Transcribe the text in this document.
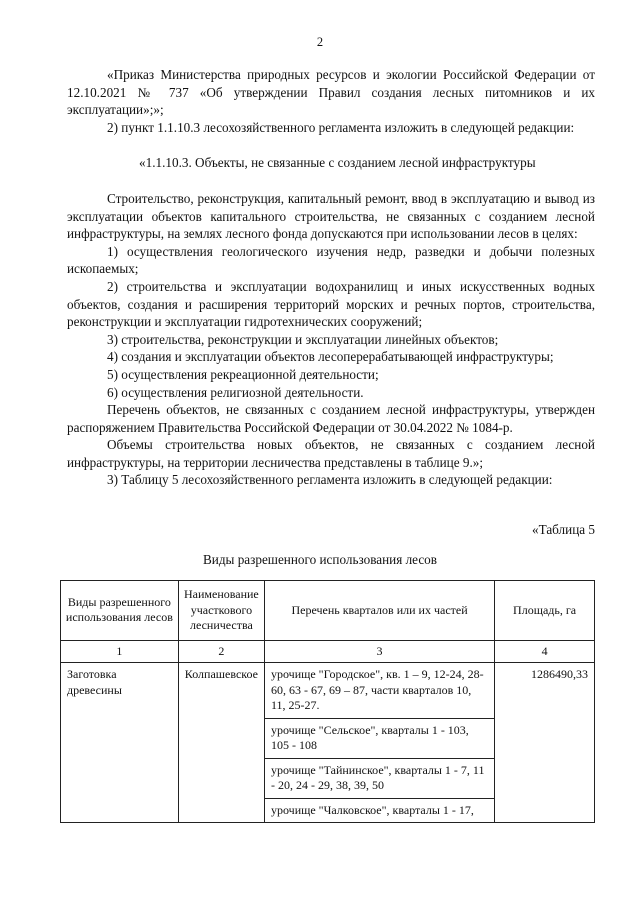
2

«Приказ Министерства природных ресурсов и экологии Российской Федерации от 12.10.2021 № 737 «Об утверждении Правил создания лесных питомников и их эксплуатации»;»;

2) пункт 1.1.10.3 лесохозяйственного регламента изложить в следующей редакции:

«1.1.10.3. Объекты, не связанные с созданием лесной инфраструктуры

Строительство, реконструкция, капитальный ремонт, ввод в эксплуатацию и вывод из эксплуатации объектов капитального строительства, не связанных с созданием лесной инфраструктуры, на землях лесного фонда допускаются при использовании лесов в целях:

1) осуществления геологического изучения недр, разведки и добычи полезных ископаемых;

2) строительства и эксплуатации водохранилищ и иных искусственных водных объектов, создания и расширения территорий морских и речных портов, строительства, реконструкции и эксплуатации гидротехнических сооружений;

3) строительства, реконструкции и эксплуатации линейных объектов;

4) создания и эксплуатации объектов лесоперерабатывающей инфраструктуры;

5) осуществления рекреационной деятельности;

6) осуществления религиозной деятельности.

Перечень объектов, не связанных с созданием лесной инфраструктуры, утвержден распоряжением Правительства Российской Федерации от 30.04.2022 № 1084-р.

Объемы строительства новых объектов, не связанных с созданием лесной инфраструктуры, на территории лесничества представлены в таблице 9.»;

3) Таблицу 5 лесохозяйственного регламента изложить в следующей редакции:

«Таблица 5
Виды разрешенного использования лесов
Виды разрешенного использования лесов	Наименование участкового лесничества	Перечень кварталов или их частей	Площадь, га
1	2	3	4
Заготовка древесины	Колпашевское	урочище "Городское", кв. 1 – 9, 12-24, 28-60, 63 - 67, 69 – 87, части кварталов 10, 11, 25-27.	1286490,33
		урочище "Сельское", кварталы 1 - 103, 105 - 108	
		урочище "Тайнинское", кварталы 1 - 7, 11 - 20, 24 - 29, 38, 39, 50	
		урочище "Чалковское", кварталы 1 - 17,	
